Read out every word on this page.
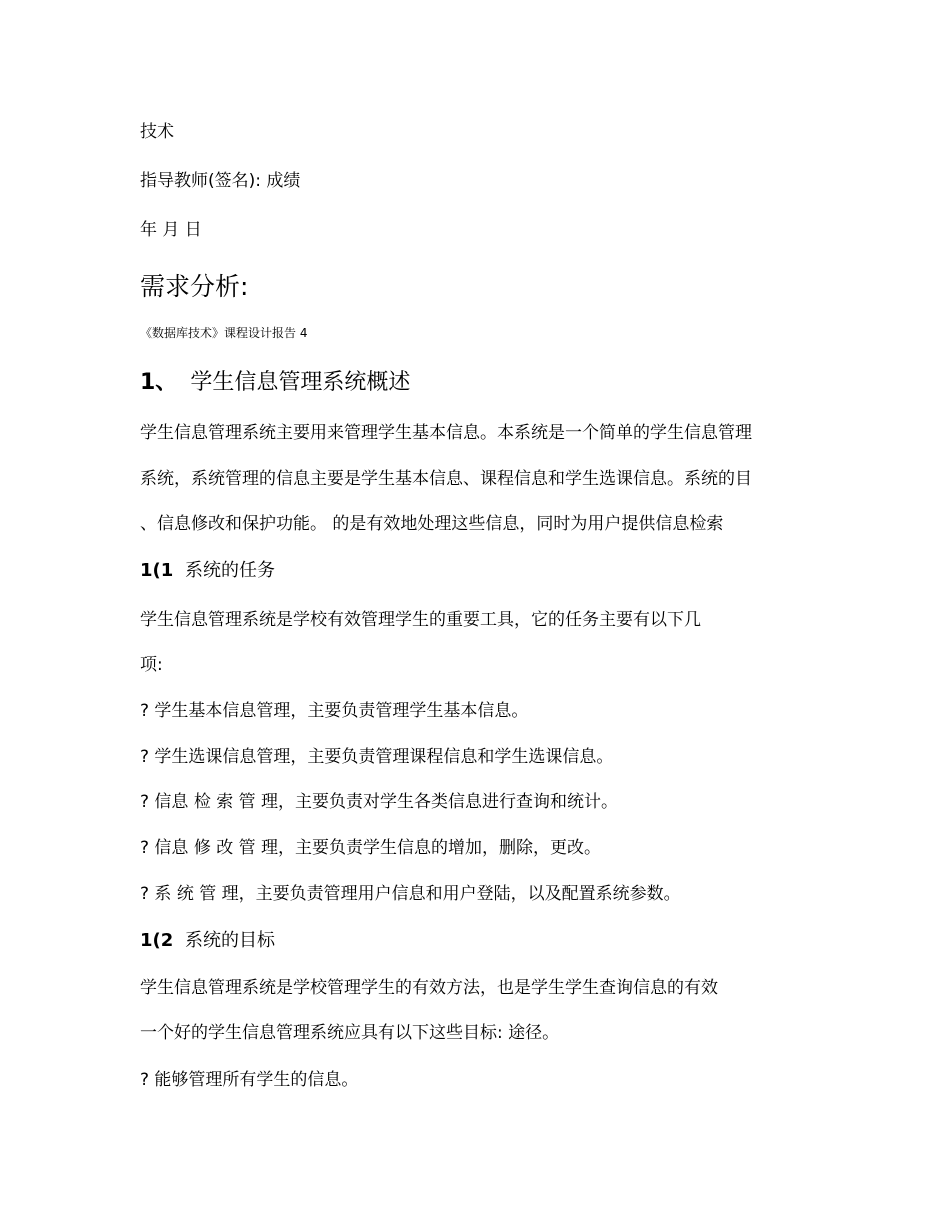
技术
指导教师(签名): 成绩
年 月 日
需求分析:
《数据库技术》课程设计报告 4
1、 学生信息管理系统概述
学生信息管理系统主要用来管理学生基本信息。本系统是一个简单的学生信息管理
系统，系统管理的信息主要是学生基本信息、课程信息和学生选课信息。系统的目
、信息修改和保护功能。 的是有效地处理这些信息，同时为用户提供信息检索
1(1 系统的任务
学生信息管理系统是学校有效管理学生的重要工具，它的任务主要有以下几
项:
? 学生基本信息管理，主要负责管理学生基本信息。
? 学生选课信息管理，主要负责管理课程信息和学生选课信息。
? 信息 检 索 管 理，主要负责对学生各类信息进行查询和统计。
? 信息 修 改 管 理，主要负责学生信息的增加，删除，更改。
? 系 统 管 理，主要负责管理用户信息和用户登陆，以及配置系统参数。
1(2 系统的目标
学生信息管理系统是学校管理学生的有效方法，也是学生学生查询信息的有效
一个好的学生信息管理系统应具有以下这些目标: 途径。
? 能够管理所有学生的信息。
